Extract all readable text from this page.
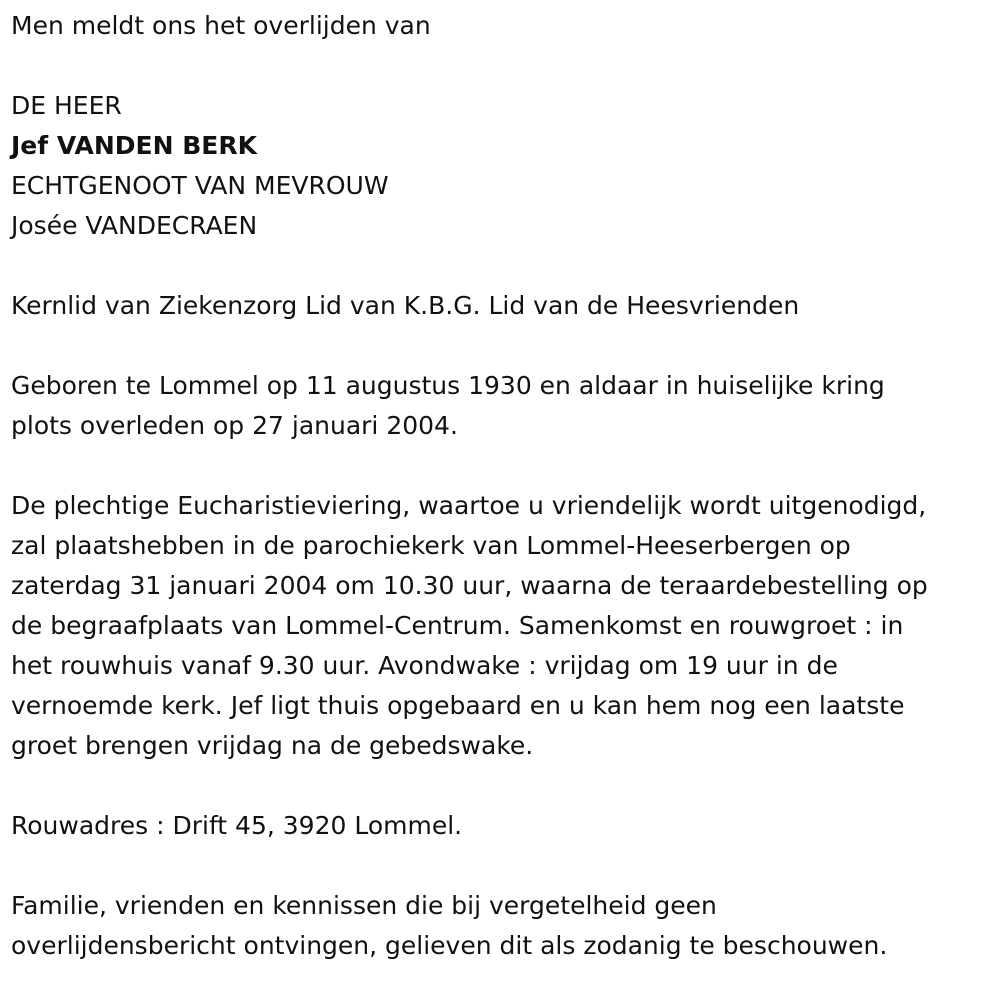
Men meldt ons het overlijden van

DE HEER

Jef VANDEN BERK

ECHTGENOOT VAN MEVROUW

Josée VANDECRAEN

Kernlid van Ziekenzorg Lid van K.B.G. Lid van de Heesvrienden

Geboren te Lommel op 11 augustus 1930 en aldaar in huiselijke kring

plots overleden op 27 januari 2004.

De plechtige Eucharistieviering, waartoe u vriendelijk wordt uitgenodigd,

zal plaatshebben in de parochiekerk van Lommel-Heeserbergen op

zaterdag 31 januari 2004 om 10.30 uur, waarna de teraardebestelling op

de begraafplaats van Lommel-Centrum. Samenkomst en rouwgroet : in

het rouwhuis vanaf 9.30 uur. Avondwake : vrijdag om 19 uur in de

vernoemde kerk. Jef ligt thuis opgebaard en u kan hem nog een laatste

groet brengen vrijdag na de gebedswake.

Rouwadres : Drift 45, 3920 Lommel.

Familie, vrienden en kennissen die bij vergetelheid geen

overlijdensbericht ontvingen, gelieven dit als zodanig te beschouwen.
